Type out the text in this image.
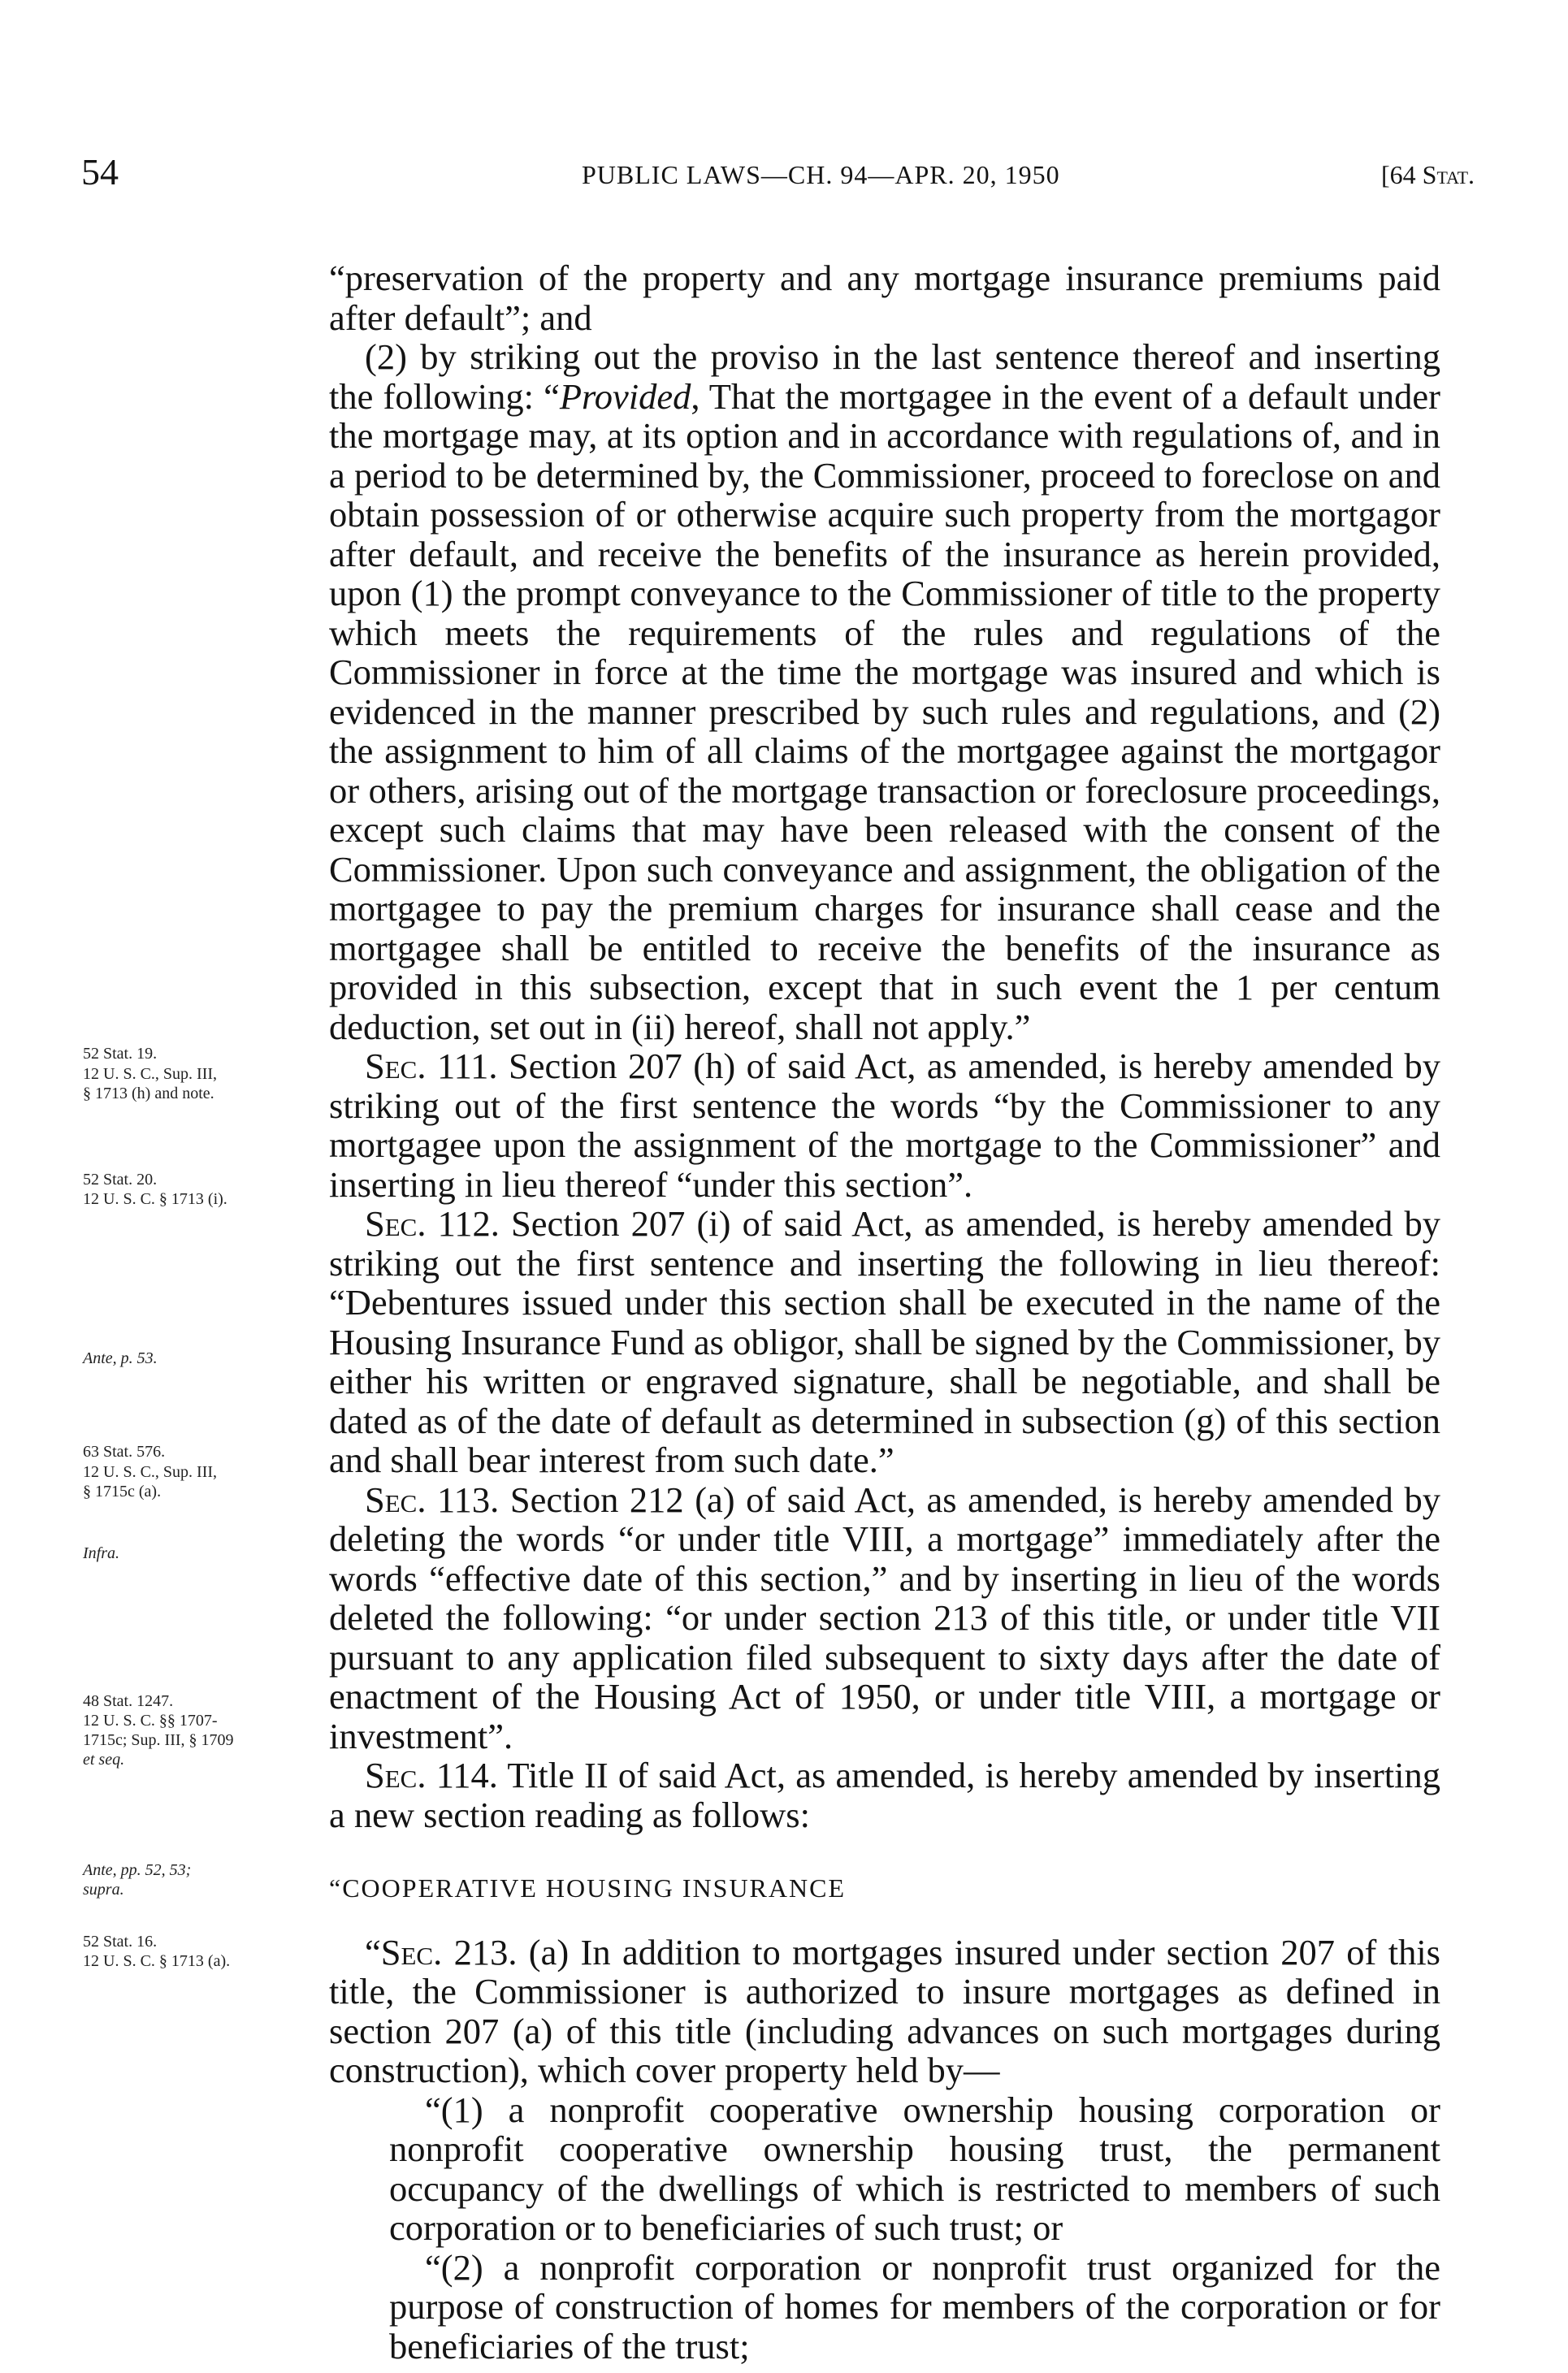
54	PUBLIC LAWS—CH. 94—APR. 20, 1950	[64 Stat.
52 Stat. 19.
12 U. S. C., Sup. III,
§ 1713 (h) and note.
52 Stat. 20.
12 U. S. C. § 1713 (i).
Ante, p. 53.
63 Stat. 576.
12 U. S. C., Sup. III,
§ 1715c (a).
Infra.
48 Stat. 1247.
12 U. S. C. §§ 1707-
1715c; Sup. III, § 1709
et seq.
Ante, pp. 52, 53;
supra.
52 Stat. 16.
12 U. S. C. § 1713 (a).

“preservation of the property and any mortgage insurance premiums paid after default”; and

(2) by striking out the proviso in the last sentence thereof and inserting the following: “Provided, That the mortgagee in the event of a default under the mortgage may, at its option and in accordance with regulations of, and in a period to be determined by, the Commissioner, proceed to foreclose on and obtain possession of or otherwise acquire such property from the mortgagor after default, and receive the benefits of the insurance as herein provided, upon (1) the prompt conveyance to the Commissioner of title to the property which meets the requirements of the rules and regulations of the Commissioner in force at the time the mortgage was insured and which is evidenced in the manner prescribed by such rules and regulations, and (2) the assignment to him of all claims of the mortgagee against the mortgagor or others, arising out of the mortgage transaction or foreclosure proceedings, except such claims that may have been released with the consent of the Commissioner. Upon such conveyance and assignment, the obligation of the mortgagee to pay the premium charges for insurance shall cease and the mortgagee shall be entitled to receive the benefits of the insurance as provided in this subsection, except that in such event the 1 per centum deduction, set out in (ii) hereof, shall not apply.”

Sec. 111. Section 207 (h) of said Act, as amended, is hereby amended by striking out of the first sentence the words “by the Commissioner to any mortgagee upon the assignment of the mortgage to the Commissioner” and inserting in lieu thereof “under this section”.

Sec. 112. Section 207 (i) of said Act, as amended, is hereby amended by striking out the first sentence and inserting the following in lieu thereof: “Debentures issued under this section shall be executed in the name of the Housing Insurance Fund as obligor, shall be signed by the Commissioner, by either his written or engraved signature, shall be negotiable, and shall be dated as of the date of default as determined in subsection (g) of this section and shall bear interest from such date.”

Sec. 113. Section 212 (a) of said Act, as amended, is hereby amended by deleting the words “or under title VIII, a mortgage” immediately after the words “effective date of this section,” and by inserting in lieu of the words deleted the following: “or under section 213 of this title, or under title VII pursuant to any application filed subsequent to sixty days after the date of enactment of the Housing Act of 1950, or under title VIII, a mortgage or investment”.

Sec. 114. Title II of said Act, as amended, is hereby amended by inserting a new section reading as follows:

“COOPERATIVE HOUSING INSURANCE

“Sec. 213. (a) In addition to mortgages insured under section 207 of this title, the Commissioner is authorized to insure mortgages as defined in section 207 (a) of this title (including advances on such mortgages during construction), which cover property held by—

“(1) a nonprofit cooperative ownership housing corporation or nonprofit cooperative ownership housing trust, the permanent occupancy of the dwellings of which is restricted to members of such corporation or to beneficiaries of such trust; or

“(2) a nonprofit corporation or nonprofit trust organized for the purpose of construction of homes for members of the corporation or for beneficiaries of the trust;
